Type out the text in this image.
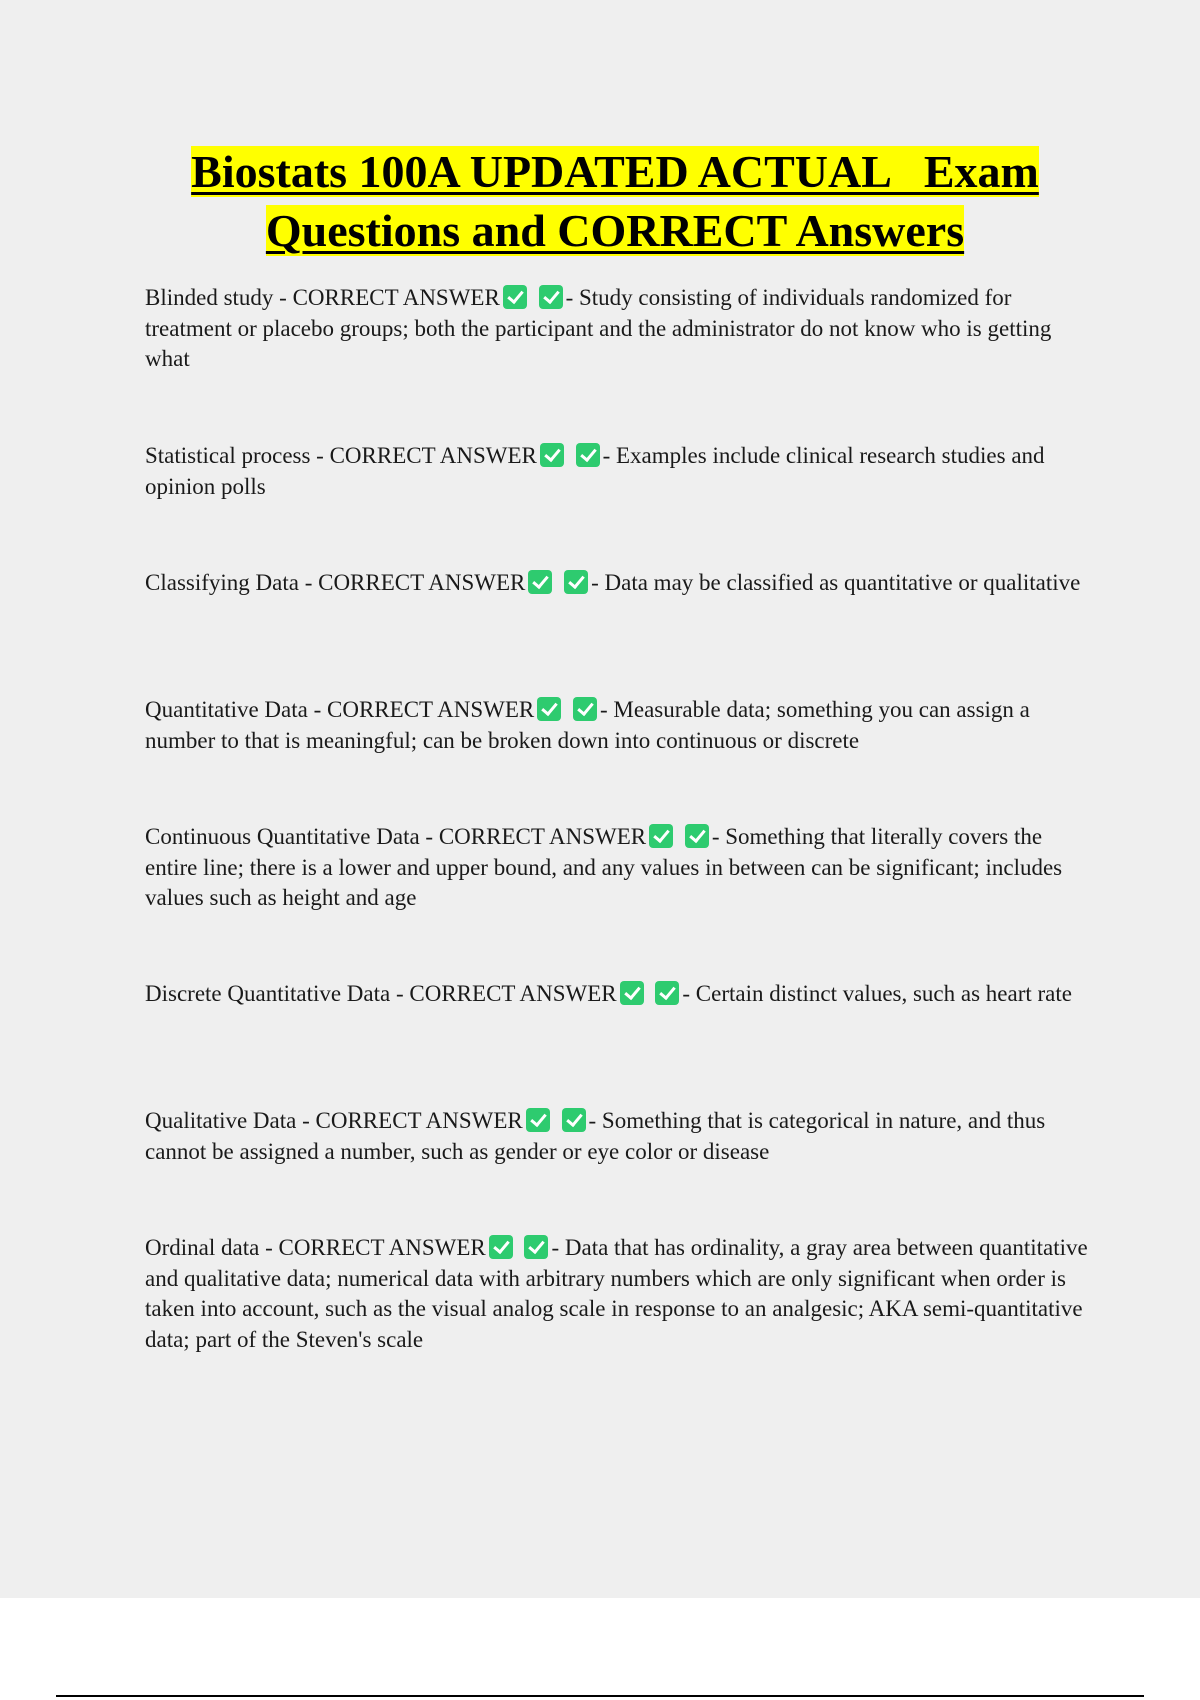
Biostats 100A UPDATED ACTUAL   Exam

Questions and CORRECT Answers

Blinded study - CORRECT ANSWER	- Study consisting of individuals randomized for treatment or placebo groups; both the participant and the administrator do not know who is getting what

Statistical process - CORRECT ANSWER	- Examples include clinical research studies and opinion polls

Classifying Data - CORRECT ANSWER	- Data may be classified as quantitative or qualitative

Quantitative Data - CORRECT ANSWER	- Measurable data; something you can assign a number to that is meaningful; can be broken down into continuous or discrete

Continuous Quantitative Data - CORRECT ANSWER	- Something that literally covers the entire line; there is a lower and upper bound, and any values in between can be significant; includes values such as height and age

Discrete Quantitative Data - CORRECT ANSWER	- Certain distinct values, such as heart rate

Qualitative Data - CORRECT ANSWER	- Something that is categorical in nature, and thus cannot be assigned a number, such as gender or eye color or disease

Ordinal data - CORRECT ANSWER	- Data that has ordinality, a gray area between quantitative and qualitative data; numerical data with arbitrary numbers which are only significant when order is taken into account, such as the visual analog scale in response to an analgesic; AKA semi-quantitative data; part of the Steven's scale
